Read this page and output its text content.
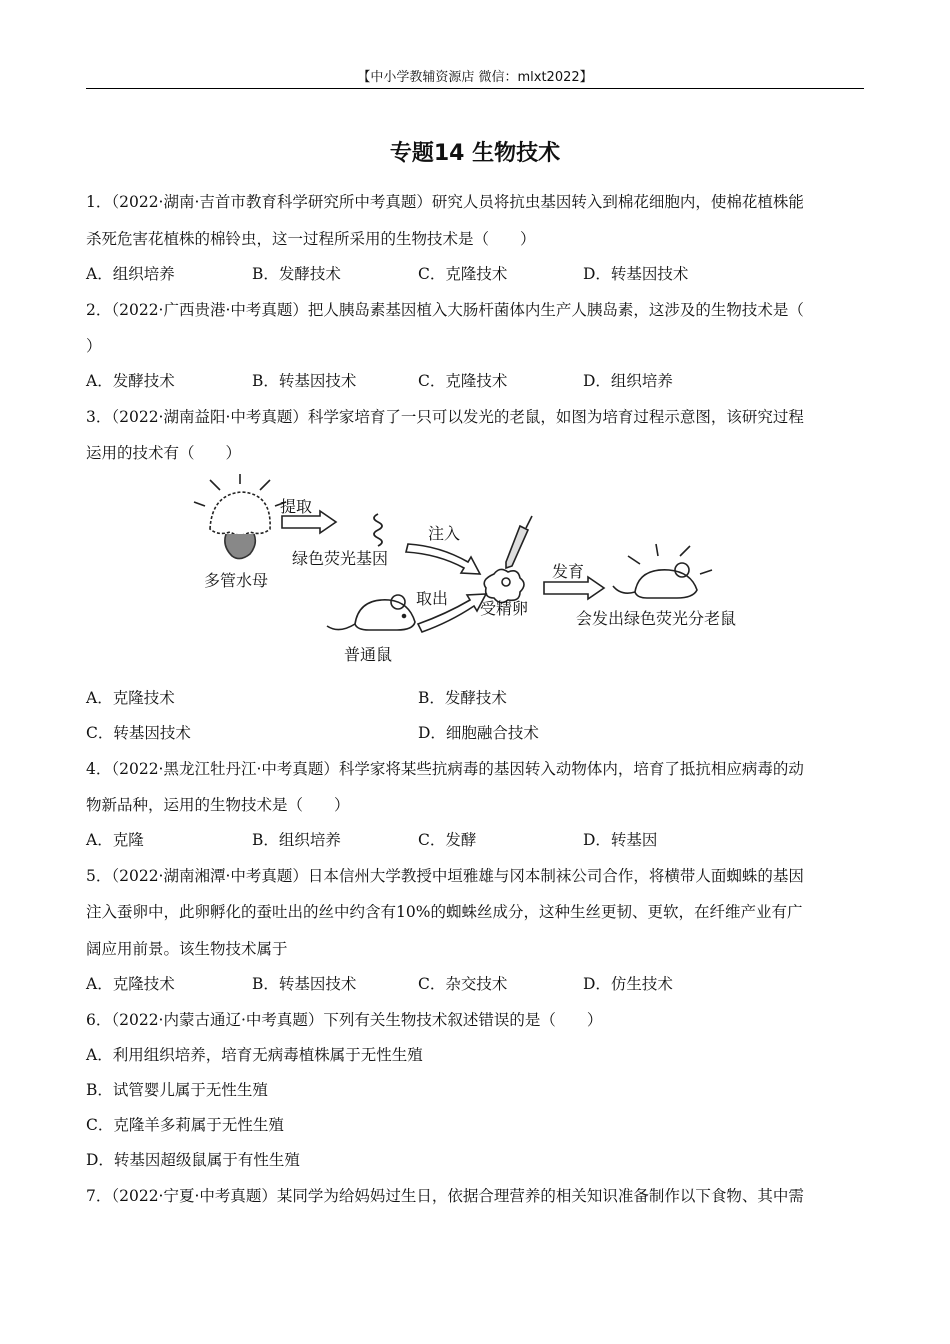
【中小学教辅资源店 微信：mlxt2022】
专题14 生物技术
1．（2022·湖南·吉首市教育科学研究所中考真题）研究人员将抗虫基因转入到棉花细胞内，使棉花植株能
杀死危害花植株的棉铃虫，这一过程所采用的生物技术是（　　）
A．组织培养	B．发酵技术	C．克隆技术	D．转基因技术
2．（2022·广西贵港·中考真题）把人胰岛素基因植入大肠杆菌体内生产人胰岛素，这涉及的生物技术是（
）
A．发酵技术	B．转基因技术	C．克隆技术	D．组织培养
3．（2022·湖南益阳·中考真题）科学家培育了一只可以发光的老鼠，如图为培育过程示意图，该研究过程
运用的技术有（　　）
多管水母
提取
绿色荧光基因
注入
受精卵
发育
会发出绿色荧光分老鼠
取出
普通鼠
A．克隆技术	B．发酵技术
C．转基因技术	D．细胞融合技术
4．（2022·黑龙江牡丹江·中考真题）科学家将某些抗病毒的基因转入动物体内，培育了抵抗相应病毒的动
物新品种，运用的生物技术是（　　）
A．克隆	B．组织培养	C．发酵	D．转基因
5．（2022·湖南湘潭·中考真题）日本信州大学教授中垣雅雄与冈本制袜公司合作，将横带人面蜘蛛的基因
注入蚕卵中，此卵孵化的蚕吐出的丝中约含有10%的蜘蛛丝成分，这种生丝更韧、更软，在纤维产业有广
阔应用前景。该生物技术属于
A．克隆技术	B．转基因技术	C．杂交技术	D．仿生技术
6．（2022·内蒙古通辽·中考真题）下列有关生物技术叙述错误的是（　　）
A．利用组织培养，培育无病毒植株属于无性生殖
B．试管婴儿属于无性生殖
C．克隆羊多莉属于无性生殖
D．转基因超级鼠属于有性生殖
7．（2022·宁夏·中考真题）某同学为给妈妈过生日，依据合理营养的相关知识准备制作以下食物、其中需
